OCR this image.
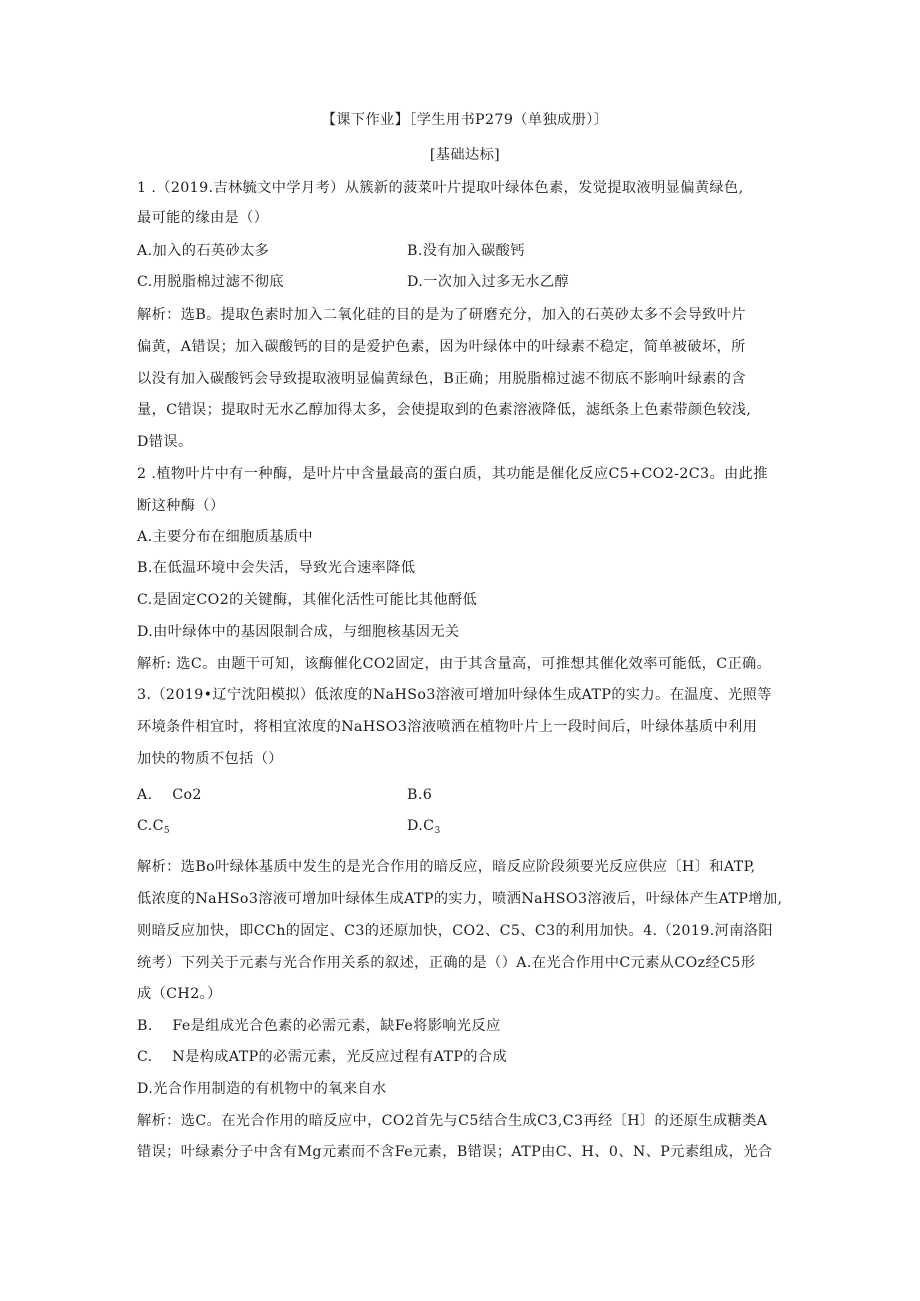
【课下作业】［学生用书P279（单独成册）〕
[基础达标]
1 .（2019.吉林毓文中学月考）从簇新的菠菜叶片提取叶绿体色素，发觉提取液明显偏黄绿色,
最可能的缘由是（）
A.加入的石英砂太多	B.没有加入碳酸钙
C.用脱脂棉过滤不彻底	D.一次加入过多无水乙醇
解析：选B。提取色素时加入二氧化硅的目的是为了研磨充分，加入的石英砂太多不会导致叶片
偏黄，A错误；加入碳酸钙的目的是爱护色素，因为叶绿体中的叶绿素不稳定，简单被破坏，所
以没有加入碳酸钙会导致提取液明显偏黄绿色，B正确；用脱脂棉过滤不彻底不影响叶绿素的含
量，C错误；提取时无水乙醇加得太多，会使提取到的色素溶液降低，滤纸条上色素带颜色较浅,
D错误。
2 .植物叶片中有一种酶，是叶片中含量最高的蛋白质，其功能是催化反应C5+CO2-2C3。由此推
断这种酶（）
A.主要分布在细胞质基质中
B.在低温环境中会失活，导致光合速率降低
C.是固定CO2的关键酶，其催化活性可能比其他酹低
D.由叶绿体中的基因限制合成，与细胞核基因无关
解析: 选C。由题干可知，该酶催化CO2固定，由于其含量高，可推想其催化效率可能低，C正确。
3.（2019•辽宁沈阳模拟）低浓度的NaHSo3溶液可增加叶绿体生成ATP的实力。在温度、光照等
环境条件相宜时，将相宜浓度的NaHSO3溶液喷洒在植物叶片上一段时间后，叶绿体基质中利用
加快的物质不包括（）
A.    Co2	B.6
$C.C_5$	$D.C_3$
解析：选Bo叶绿体基质中发生的是光合作用的暗反应，暗反应阶段须要光反应供应〔H〕和ATP,
低浓度的NaHSo3溶液可增加叶绿体生成ATP的实力，喷洒NaHSO3溶液后，叶绿体产生ATP增加,
则暗反应加快，即CCh的固定、C3的还原加快，CO2、C5、C3的利用加快。4.（2019.河南洛阳
统考）下列关于元素与光合作用关系的叙述，正确的是（）A.在光合作用中C元素从COz经C5形
成（CH2。）
B.    Fe是组成光合色素的必需元素，缺Fe将影响光反应
C.    N是构成ATP的必需元素，光反应过程有ATP的合成
D.光合作用制造的有机物中的氧来自水
解析：选C。在光合作用的暗反应中，CO2首先与C5结合生成C3,C3再经〔H〕的还原生成糖类A
错误；叶绿素分子中含有Mg元素而不含Fe元素，B错误；ATP由C、H、0、N、P元素组成，光合
